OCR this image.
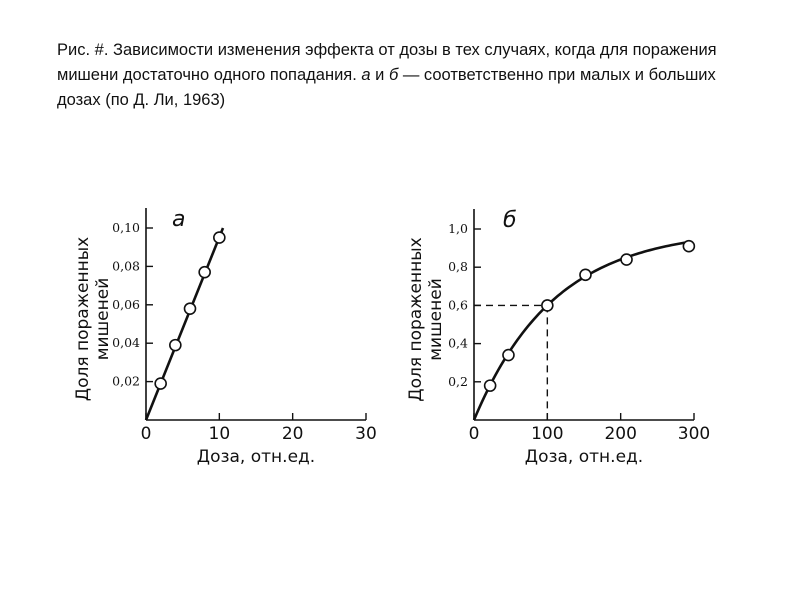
Рис. #. Зависимости изменения эффекта от дозы в тех случаях, когда для поражения мишени достаточно одного попадания. а и б — соответственно при малых и больших дозах (по Д. Ли, 1963)
0	10	20	30
0,02
0,04
0,06
0,08
0,10 а
Доза, отн.ед.
Доля пораженных мишеней
0	100 200 300
0,2
0,4
0,6
0,8
1,0 б
Доза, отн.ед.
Доля пораженных мишеней
